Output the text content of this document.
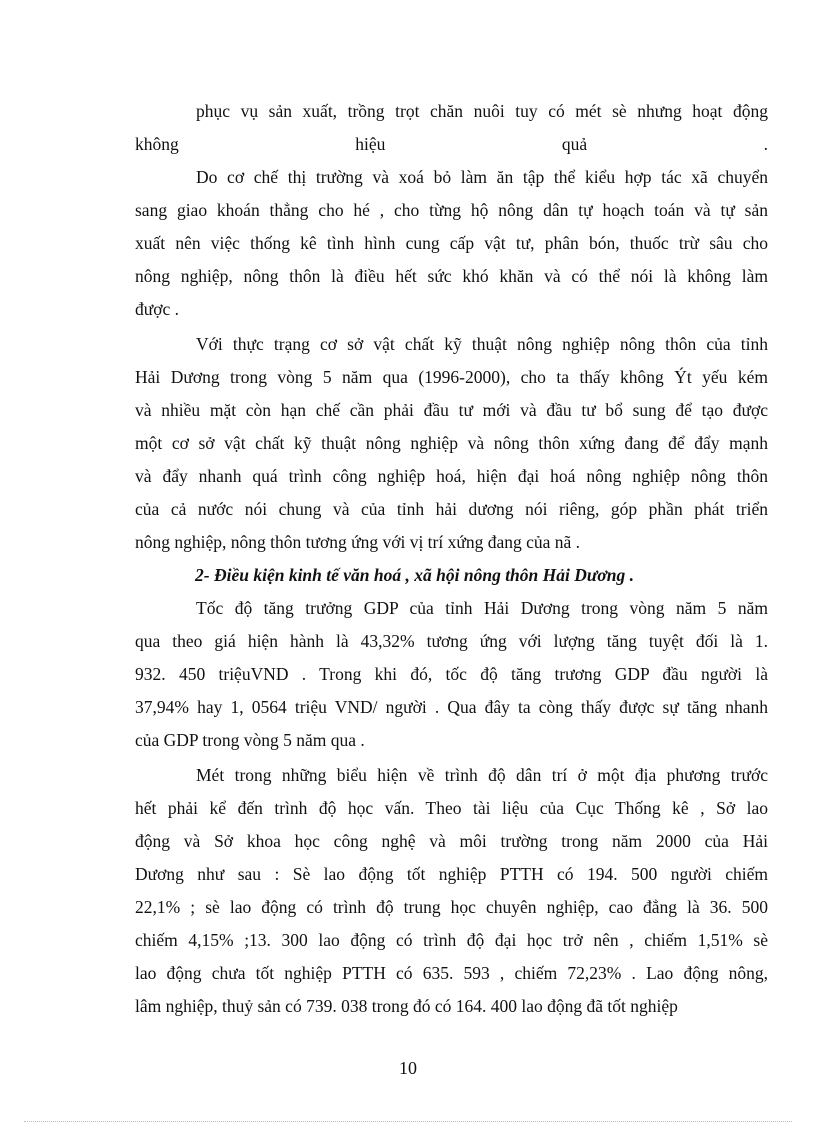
phục vụ sản xuất, trồng trọt chăn nuôi tuy có mét sè nhưng hoạt động
không	hiệu	quả	.
Do cơ chế thị trường và xoá bỏ làm ăn tập thể kiểu hợp tác xã chuyển
sang giao khoán thẳng cho hé , cho từng hộ nông dân tự hoạch toán và tự sản
xuất nên việc thống kê tình hình cung cấp vật tư, phân bón, thuốc trừ sâu cho
nông nghiệp, nông thôn là điều hết sức khó khăn và có thể nói là không làm
được .
Với thực trạng cơ sở vật chất kỹ thuật nông nghiệp nông thôn của tỉnh
Hải Dương trong vòng 5 năm qua (1996-2000), cho ta thấy không Ýt yếu kém
và nhiều mặt còn hạn chế cần phải đầu tư mới và đầu tư bổ sung để tạo được
một cơ sở vật chất kỹ thuật nông nghiệp và nông thôn xứng đang để đẩy mạnh
và đẩy nhanh quá trình công nghiệp hoá, hiện đại hoá nông nghiệp nông thôn
của cả nước nói chung và của tỉnh hải dương nói riêng, góp phần phát triển
nông nghiệp, nông thôn tương ứng với vị trí xứng đang của nã .
2- Điều kiện kinh tế văn hoá , xã hội nông thôn Hải Dương .
Tốc độ tăng trưởng GDP của tỉnh Hải Dương trong vòng năm 5 năm
qua theo giá hiện hành là 43,32% tương ứng với lượng tăng tuyệt đối là 1.
932. 450 triệuVND . Trong khi đó, tốc độ tăng trương GDP đầu người là
37,94% hay 1, 0564 triệu VND/ người . Qua đây ta còng thấy được sự tăng nhanh
của GDP trong vòng 5 năm qua .
Mét trong những biểu hiện về trình độ dân trí ở một địa phương trước
hết phải kể đến trình độ học vấn. Theo tài liệu của Cục Thống kê , Sở lao
động và Sở khoa học công nghệ và môi trường trong năm 2000 của Hải
Dương như sau : Sè lao động tốt nghiệp PTTH có 194. 500 người chiếm
22,1% ; sè lao động có trình độ trung học chuyên nghiệp, cao đẳng là 36. 500
chiếm 4,15% ;13. 300 lao động có trình độ đại học trở nên , chiếm 1,51% sè
lao động chưa tốt nghiệp PTTH có 635. 593 , chiếm 72,23% . Lao động nông,
lâm nghiệp, thuỷ sản có 739. 038 trong đó có 164. 400 lao động đã tốt nghiệp
10
